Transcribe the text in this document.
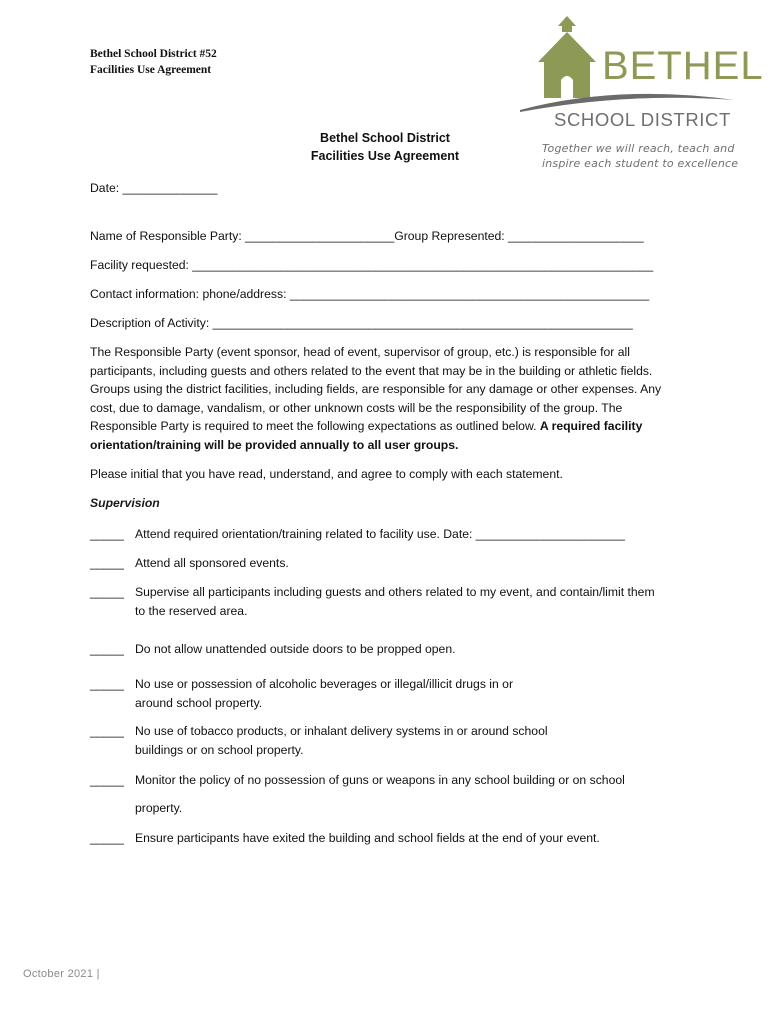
Bethel School District #52
Facilities Use Agreement	BETHEL
SCHOOL DISTRICT
Together we will reach, teach and inspire each student to excellence
Bethel School District
Facilities Use Agreement
Date: ______________
Name of Responsible Party: ______________________Group Represented: ____________________
Facility requested: ____________________________________________________________________
Contact information: phone/address: _____________________________________________________
Description of Activity: ______________________________________________________________
The Responsible Party (event sponsor, head of event, supervisor of group, etc.) is responsible for all participants, including guests and others related to the event that may be in the building or athletic fields. Groups using the district facilities, including fields, are responsible for any damage or other expenses. Any cost, due to damage, vandalism, or other unknown costs will be the responsibility of the group. The Responsible Party is required to meet the following expectations as outlined below. A required facility orientation/training will be provided annually to all user groups.
Please initial that you have read, understand, and agree to comply with each statement.
Supervision
_____ Attend required orientation/training related to facility use. Date: ______________________
_____ Attend all sponsored events.
_____ Supervise all participants including guests and others related to my event, and contain/limit them to the reserved area.
_____ Do not allow unattended outside doors to be propped open.
_____ No use or possession of alcoholic beverages or illegal/illicit drugs in or around school property.
_____ No use of tobacco products, or inhalant delivery systems in or around school buildings or on school property.
_____ Monitor the policy of no possession of guns or weapons in any school building or on school property.
_____ Ensure participants have exited the building and school fields at the end of your event.
October 2021 |
